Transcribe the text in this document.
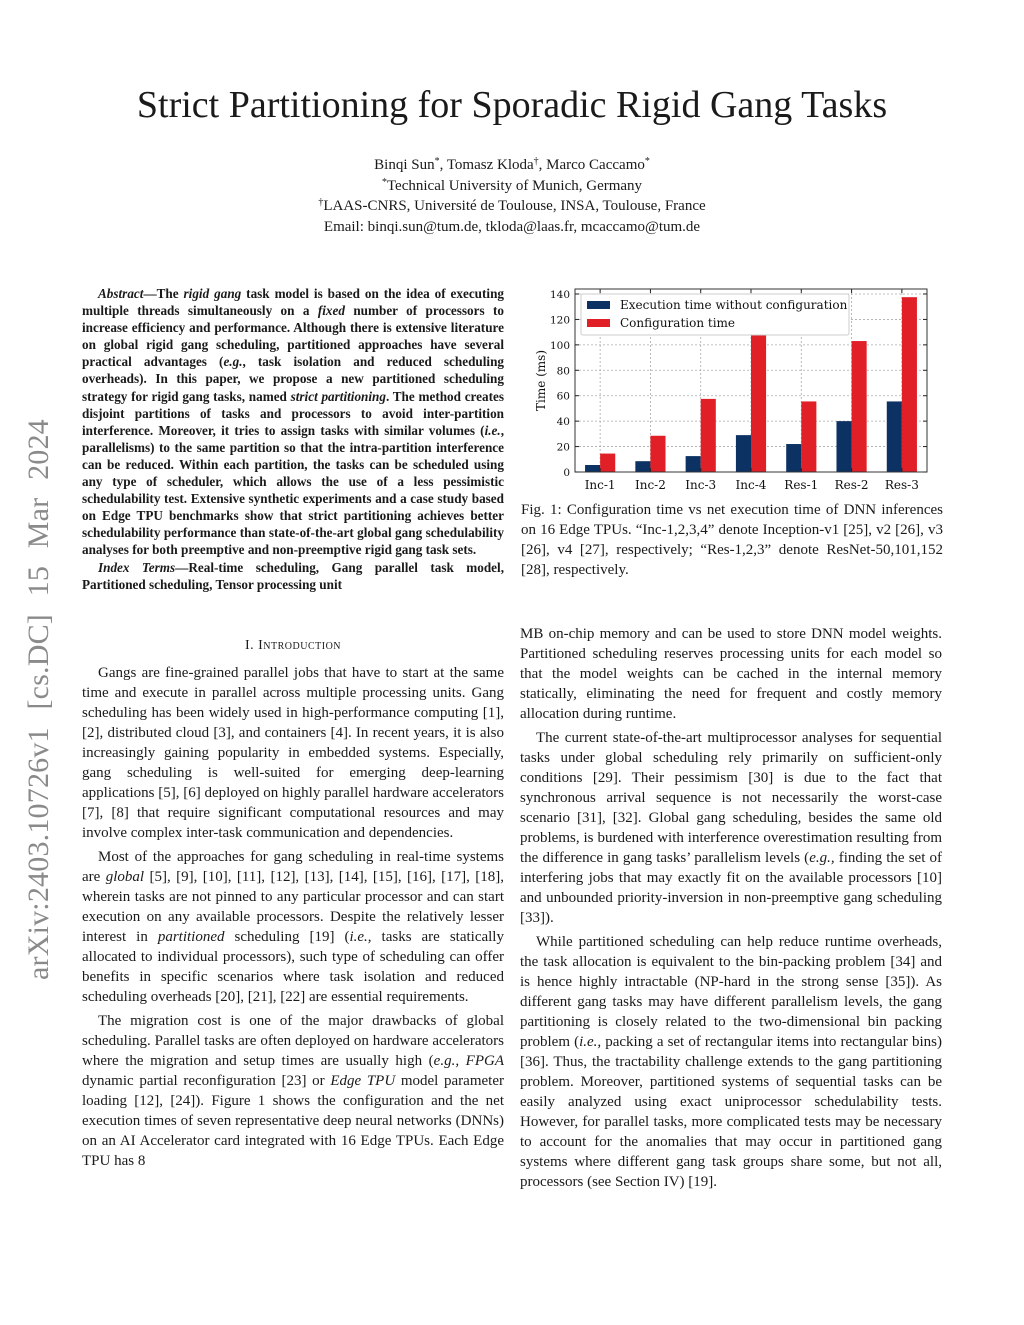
arXiv:2403.10726v1 [cs.DC] 15 Mar 2024
Strict Partitioning for Sporadic Rigid Gang Tasks
Binqi Sun*, Tomasz Kloda†, Marco Caccamo*
*Technical University of Munich, Germany
†LAAS-CNRS, Université de Toulouse, INSA, Toulouse, France
Email: binqi.sun@tum.de, tkloda@laas.fr, mcaccamo@tum.de

Abstract—The rigid gang task model is based on the idea of executing multiple threads simultaneously on a fixed number of processors to increase efficiency and performance. Although there is extensive literature on global rigid gang scheduling, partitioned approaches have several practical advantages (e.g., task isolation and reduced scheduling overheads). In this paper, we propose a new partitioned scheduling strategy for rigid gang tasks, named strict partitioning. The method creates disjoint partitions of tasks and processors to avoid inter-partition interference. Moreover, it tries to assign tasks with similar volumes (i.e., parallelisms) to the same partition so that the intra-partition interference can be reduced. Within each partition, the tasks can be scheduled using any type of scheduler, which allows the use of a less pessimistic schedulability test. Extensive synthetic experiments and a case study based on Edge TPU benchmarks show that strict partitioning achieves better schedulability performance than state-of-the-art global gang schedulability analyses for both preemptive and non-preemptive rigid gang task sets.

Index Terms—Real-time scheduling, Gang parallel task model, Partitioned scheduling, Tensor processing unit

I. Introduction

Gangs are fine-grained parallel jobs that have to start at the same time and execute in parallel across multiple processing units. Gang scheduling has been widely used in high-performance computing [1], [2], distributed cloud [3], and containers [4]. In recent years, it is also increasingly gaining popularity in embedded systems. Especially, gang scheduling is well-suited for emerging deep-learning applications [5], [6] deployed on highly parallel hardware accelerators [7], [8] that require significant computational resources and may involve complex inter-task communication and dependencies.

Most of the approaches for gang scheduling in real-time systems are global [5], [9], [10], [11], [12], [13], [14], [15], [16], [17], [18], wherein tasks are not pinned to any particular processor and can start execution on any available processors. Despite the relatively lesser interest in partitioned scheduling [19] (i.e., tasks are statically allocated to individual processors), such type of scheduling can offer benefits in specific scenarios where task isolation and reduced scheduling overheads [20], [21], [22] are essential requirements.

The migration cost is one of the major drawbacks of global scheduling. Parallel tasks are often deployed on hardware accelerators where the migration and setup times are usually high (e.g., FPGA dynamic partial reconfiguration [23] or Edge TPU model parameter loading [12], [24]). Figure 1 shows the configuration and the net execution times of seven representative deep neural networks (DNNs) on an AI Accelerator card integrated with 16 Edge TPUs. Each Edge TPU has 8

MB on-chip memory and can be used to store DNN model weights. Partitioned scheduling reserves processing units for each model so that the model weights can be cached in the internal memory statically, eliminating the need for frequent and costly memory allocation during runtime.

The current state-of-the-art multiprocessor analyses for sequential tasks under global scheduling rely primarily on sufficient-only conditions [29]. Their pessimism [30] is due to the fact that synchronous arrival sequence is not necessarily the worst-case scenario [31], [32]. Global gang scheduling, besides the same old problems, is burdened with interference overestimation resulting from the difference in gang tasks’ parallelism levels (e.g., finding the set of interfering jobs that may exactly fit on the available processors [10] and unbounded priority-inversion in non-preemptive gang scheduling [33]).

While partitioned scheduling can help reduce runtime overheads, the task allocation is equivalent to the bin-packing problem [34] and is hence highly intractable (NP-hard in the strong sense [35]). As different gang tasks may have different parallelism levels, the gang partitioning is closely related to the two-dimensional bin packing problem (i.e., packing a set of rectangular items into rectangular bins) [36]. Thus, the tractability challenge extends to the gang partitioning problem. Moreover, partitioned systems of sequential tasks can be easily analyzed using exact uniprocessor schedulability tests. However, for parallel tasks, more complicated tests may be necessary to account for the anomalies that may occur in partitioned gang systems where different gang task groups share some, but not all, processors (see Section IV) [19].

Inc-1 Inc-2 Inc-3 Inc-4 Res-1 Res-2 Res-3
0
20
40
60
80
100
120
140
Time (ms)
Execution time without configuration
Configuration time
Fig. 1: Configuration time vs net execution time of DNN inferences on 16 Edge TPUs. “Inc-1,2,3,4” denote Inception-v1 [25], v2 [26], v3 [26], v4 [27], respectively; “Res-1,2,3” denote ResNet-50,101,152 [28], respectively.
